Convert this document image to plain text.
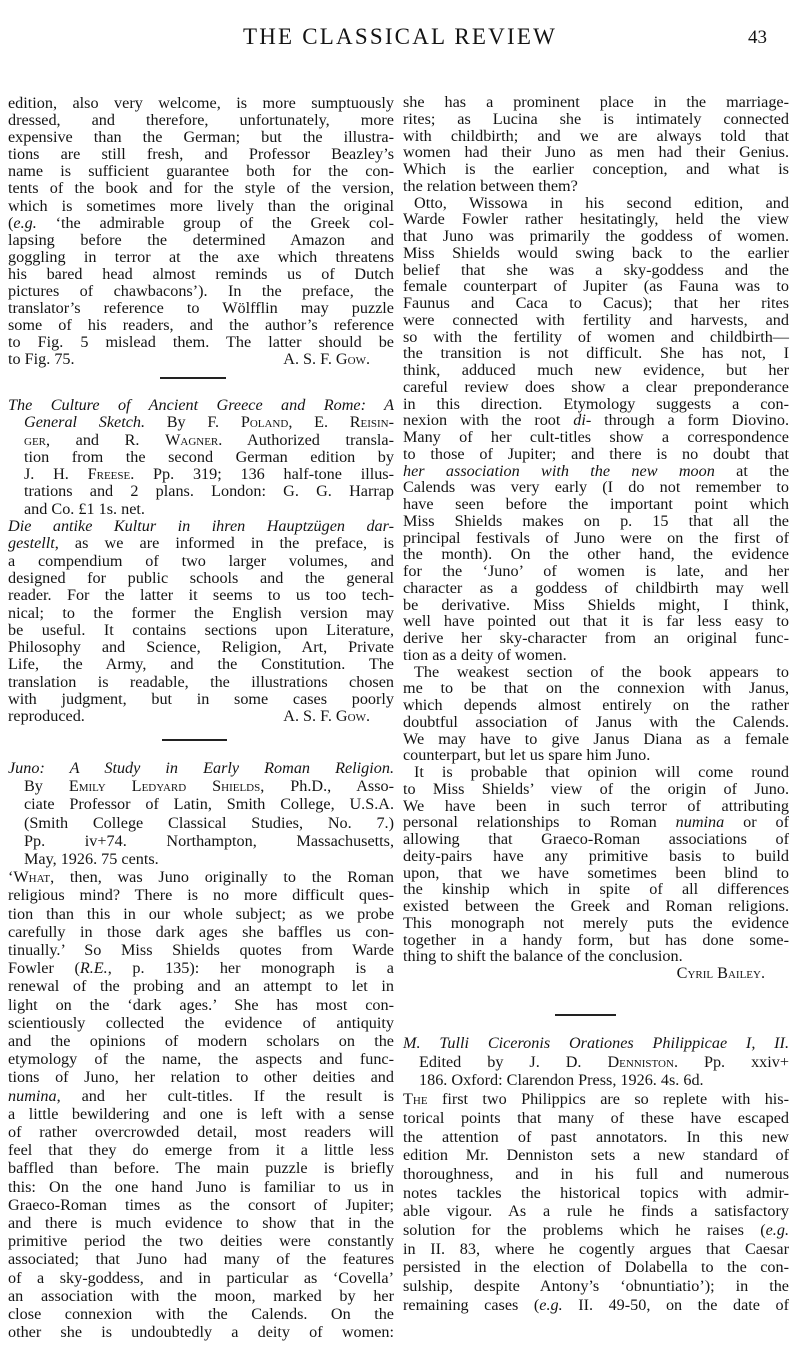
THE CLASSICAL REVIEW	43
edition, also very welcome, is more sumptuously
dressed, and therefore, unfortunately, more
expensive than the German; but the illustra-
tions are still fresh, and Professor Beazley’s
name is sufficient guarantee both for the con-
tents of the book and for the style of the version,
which is sometimes more lively than the original
(e.g. ‘the admirable group of the Greek col-
lapsing before the determined Amazon and
goggling in terror at the axe which threatens
his bared head almost reminds us of Dutch
pictures of chawbacons’). In the preface, the
translator’s reference to Wölfflin may puzzle
some of his readers, and the author’s reference
to Fig. 5 mislead them. The latter should be
A. S. F. Gow.
to Fig. 75.
The Culture of Ancient Greece and Rome: A
General Sketch. By F. Poland, E. Reisin-
ger, and R. Wagner. Authorized transla-
tion from the second German edition by
J. H. Freese. Pp. 319; 136 half-tone illus-
trations and 2 plans. London: G. G. Harrap
and Co. £1 1s. net.
Die antike Kultur in ihren Hauptzügen dar-
gestellt, as we are informed in the preface, is
a compendium of two larger volumes, and
designed for public schools and the general
reader. For the latter it seems to us too tech-
nical; to the former the English version may
be useful. It contains sections upon Literature,
Philosophy and Science, Religion, Art, Private
Life, the Army, and the Constitution. The
translation is readable, the illustrations chosen
with judgment, but in some cases poorly
A. S. F. Gow.
reproduced.
Juno: A Study in Early Roman Religion.
By Emily Ledyard Shields, Ph.D., Asso-
ciate Professor of Latin, Smith College, U.S.A.
(Smith College Classical Studies, No. 7.)
Pp. iv+74. Northampton, Massachusetts,
May, 1926. 75 cents.
‘What, then, was Juno originally to the Roman
religious mind? There is no more difficult ques-
tion than this in our whole subject; as we probe
carefully in those dark ages she baffles us con-
tinually.’ So Miss Shields quotes from Warde
Fowler (R.E., p. 135): her monograph is a
renewal of the probing and an attempt to let in
light on the ‘dark ages.’ She has most con-
scientiously collected the evidence of antiquity
and the opinions of modern scholars on the
etymology of the name, the aspects and func-
tions of Juno, her relation to other deities and
numina, and her cult-titles. If the result is
a little bewildering and one is left with a sense
of rather overcrowded detail, most readers will
feel that they do emerge from it a little less
baffled than before. The main puzzle is briefly
this: On the one hand Juno is familiar to us in
Graeco-Roman times as the consort of Jupiter;
and there is much evidence to show that in the
primitive period the two deities were constantly
associated; that Juno had many of the features
of a sky-goddess, and in particular as ‘Covella’
an association with the moon, marked by her
close connexion with the Calends. On the
other she is undoubtedly a deity of women:
she has a prominent place in the marriage-
rites; as Lucina she is intimately connected
with childbirth; and we are always told that
women had their Juno as men had their Genius.
Which is the earlier conception, and what is
the relation between them?
Otto, Wissowa in his second edition, and
Warde Fowler rather hesitatingly, held the view
that Juno was primarily the goddess of women.
Miss Shields would swing back to the earlier
belief that she was a sky-goddess and the
female counterpart of Jupiter (as Fauna was to
Faunus and Caca to Cacus); that her rites
were connected with fertility and harvests, and
so with the fertility of women and childbirth—
the transition is not difficult. She has not, I
think, adduced much new evidence, but her
careful review does show a clear preponderance
in this direction. Etymology suggests a con-
nexion with the root di- through a form Diovino.
Many of her cult-titles show a correspondence
to those of Jupiter; and there is no doubt that
her association with the new moon at the
Calends was very early (I do not remember to
have seen before the important point which
Miss Shields makes on p. 15 that all the
principal festivals of Juno were on the first of
the month). On the other hand, the evidence
for the ‘Juno’ of women is late, and her
character as a goddess of childbirth may well
be derivative. Miss Shields might, I think,
well have pointed out that it is far less easy to
derive her sky-character from an original func-
tion as a deity of women.
The weakest section of the book appears to
me to be that on the connexion with Janus,
which depends almost entirely on the rather
doubtful association of Janus with the Calends.
We may have to give Janus Diana as a female
counterpart, but let us spare him Juno.
It is probable that opinion will come round
to Miss Shields’ view of the origin of Juno.
We have been in such terror of attributing
personal relationships to Roman numina or of
allowing that Graeco-Roman associations of
deity-pairs have any primitive basis to build
upon, that we have sometimes been blind to
the kinship which in spite of all differences
existed between the Greek and Roman religions.
This monograph not merely puts the evidence
together in a handy form, but has done some-
thing to shift the balance of the conclusion.
Cyril Bailey.
M. Tulli Ciceronis Orationes Philippicae I, II.
Edited by J. D. Denniston. Pp. xxiv+
186. Oxford: Clarendon Press, 1926. 4s. 6d.
The first two Philippics are so replete with his-
torical points that many of these have escaped
the attention of past annotators. In this new
edition Mr. Denniston sets a new standard of
thoroughness, and in his full and numerous
notes tackles the historical topics with admir-
able vigour. As a rule he finds a satisfactory
solution for the problems which he raises (e.g.
in II. 83, where he cogently argues that Caesar
persisted in the election of Dolabella to the con-
sulship, despite Antony’s ‘obnuntiatio’); in the
remaining cases (e.g. II. 49-50, on the date of
